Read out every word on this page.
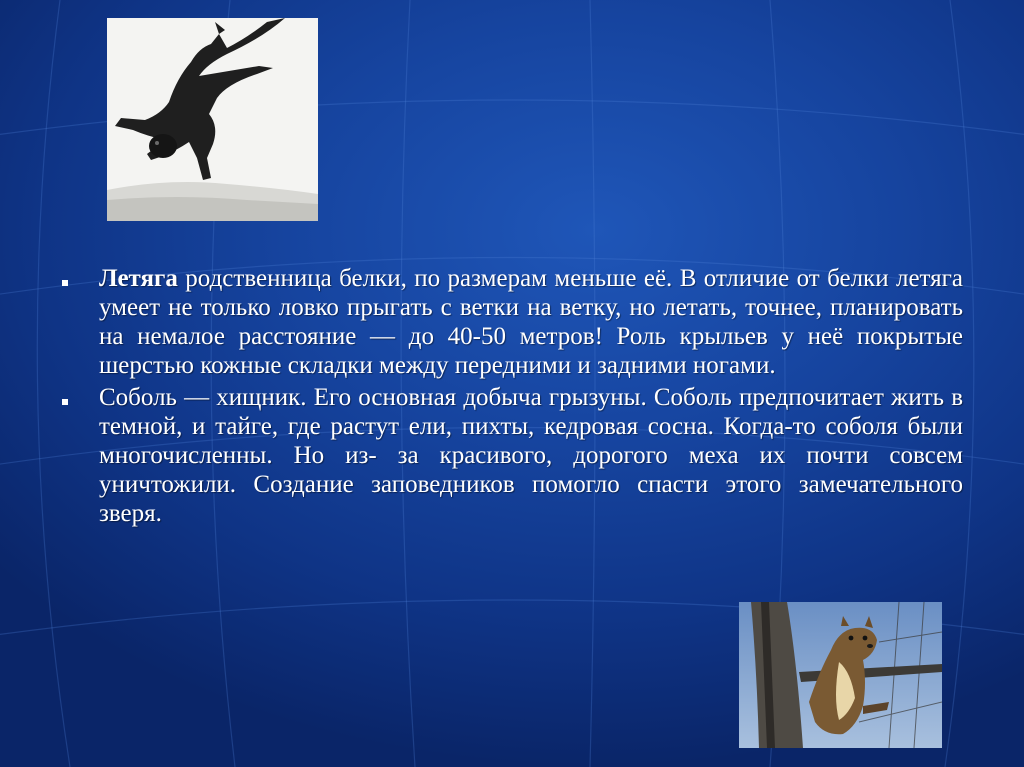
Летяга родственница белки, по размерам меньше её. В отличие от белки летяга умеет не только ловко прыгать с ветки на ветку, но летать, точнее, планировать на немалое расстояние — до 40-50 метров! Роль крыльев у неё покрытые шерстью кожные складки между передними и задними ногами.
Соболь — хищник. Его основная добыча грызуны. Соболь предпочитает жить в темной, и тайге, где растут ели, пихты, кедровая сосна. Когда-то соболя были многочисленны. Но из- за красивого, дорогого меха их почти совсем уничтожили. Создание заповедников помогло спасти этого замечательного зверя.
